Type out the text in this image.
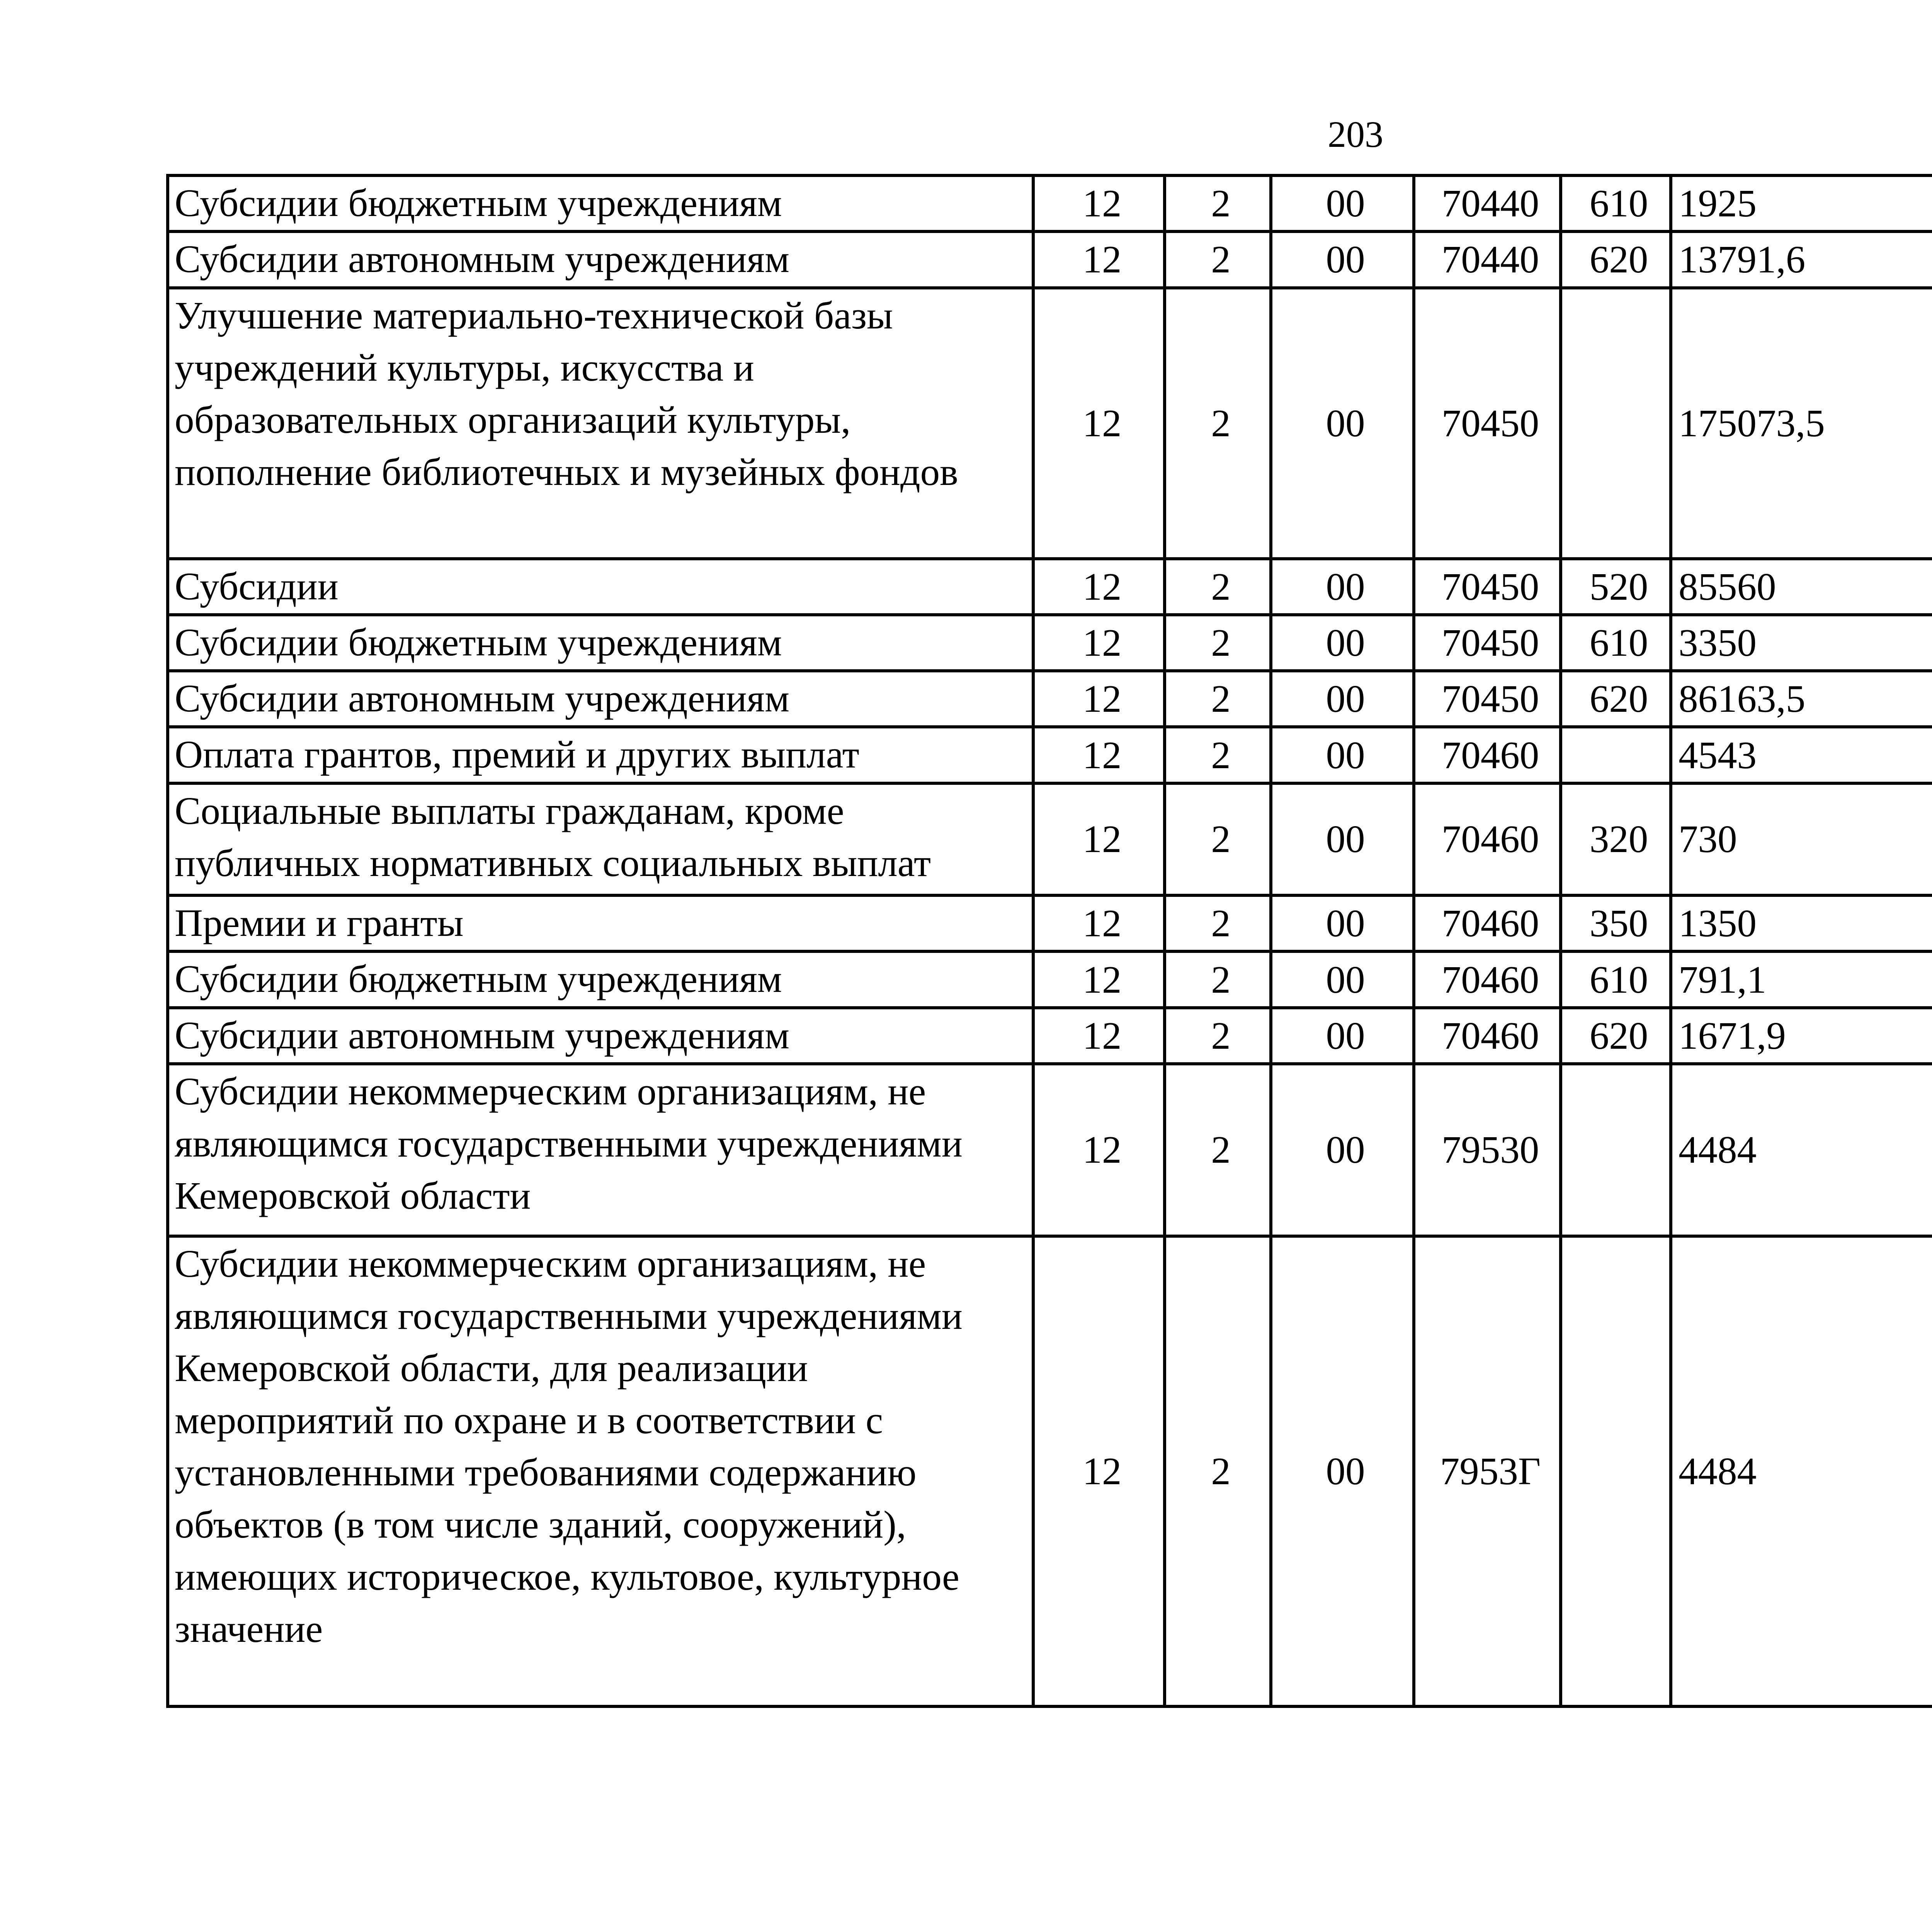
203
Субсидии бюджетным учреждениям	12	2	00	70440	610	1925		
Субсидии автономным учреждениям	12	2	00	70440	620	13791,6		
Улучшение материально-технической базы учреждений культуры, искусства и образовательных организаций культуры, пополнение библиотечных и музейных фондов	12	2	00	70450		175073,5		
Субсидии	12	2	00	70450	520	85560		
Субсидии бюджетным учреждениям	12	2	00	70450	610	3350		
Субсидии автономным учреждениям	12	2	00	70450	620	86163,5		
Оплата грантов, премий и других выплат	12	2	00	70460		4543		
Социальные выплаты гражданам, кроме публичных нормативных социальных выплат	12	2	00	70460	320	730		
Премии и гранты	12	2	00	70460	350	1350		
Субсидии бюджетным учреждениям	12	2	00	70460	610	791,1		
Субсидии автономным учреждениям	12	2	00	70460	620	1671,9		
Субсидии некоммерческим организациям, не являющимся государственными учреждениями Кемеровской области	12	2	00	79530		4484		
Субсидии некоммерческим организациям, не являющимся государственными учреждениями Кемеровской области, для реализации мероприятий по охране и в соответствии с установленными требованиями содержанию объектов (в том числе зданий, сооружений), имеющих историческое, культовое, культурное значение	12	2	00	7953Г		4484		
